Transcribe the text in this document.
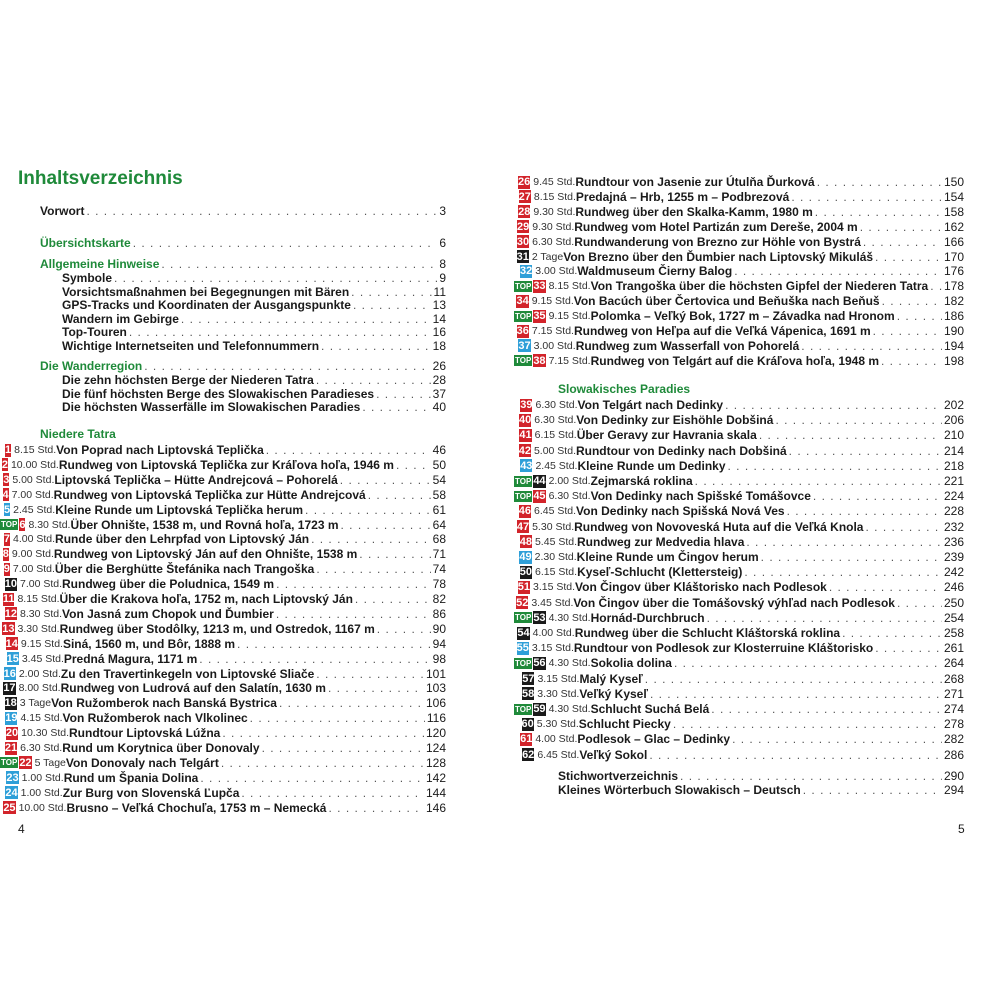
Inhaltsverzeichnis
Vorwort . . .	3
Übersichtskarte . . .	6
Allgemeine Hinweise . . .	8
Symbole . . .	9
Vorsichtsmaßnahmen bei Begegnungen mit Bären . . .	11
GPS-Tracks und Koordinaten der Ausgangspunkte . . .	13
Wandern im Gebirge . . .	14
Top-Touren . . .	16
Wichtige Internetseiten und Telefonnummern . . .	18
Die Wanderregion . . .	26
Die zehn höchsten Berge der Niederen Tatra . . .	28
Die fünf höchsten Berge des Slowakischen Paradieses . . .	37
Die höchsten Wasserfälle im Slowakischen Paradies . . .	40
Niedere Tatra
1 8.15 Std. Von Poprad nach Liptovská Teplička . . .	46
2 10.00 Std. Rundweg von Liptovská Teplička zur Kráľova hoľa, 1946 m . . .	50
3 5.00 Std. Liptovská Teplička – Hütte Andrejcová – Pohorelá . . .	54
4 7.00 Std. Rundweg von Liptovská Teplička zur Hütte Andrejcová . . .	58
5 2.45 Std. Kleine Runde um Liptovská Teplička herum . . .	61
TOP 6 8.30 Std. Über Ohnište, 1538 m, und Rovná hoľa, 1723 m . . .	64
7 4.00 Std. Runde über den Lehrpfad von Liptovský Ján . . .	68
8 9.00 Std. Rundweg von Liptovský Ján auf den Ohnište, 1538 m . . .	71
9 7.00 Std. Über die Berghütte Štefánika nach Trangoška . . .	74
10 7.00 Std. Rundweg über die Poludnica, 1549 m . . .	78
11 8.15 Std. Über die Krakova hoľa, 1752 m, nach Liptovský Ján . . .	82
12 8.30 Std. Von Jasná zum Chopok und Ďumbier . . .	86
13 3.30 Std. Rundweg über Stodôlky, 1213 m, und Ostredok, 1167 m . . .	90
14 9.15 Std. Siná, 1560 m, und Bôr, 1888 m . . .	94
15 3.45 Std. Predná Magura, 1171 m . . .	98
16 2.00 Std. Zu den Travertinkegeln von Liptovské Sliače . . .	101
17 8.00 Std. Rundweg von Ludrová auf den Salatín, 1630 m . . .	103
18 3 Tage Von Ružomberok nach Banská Bystrica . . .	106
19 4.15 Std. Von Ružomberok nach Vlkolinec . . .	116
20 10.30 Std. Rundtour Liptovská Lúžna . . .	120
21 6.30 Std. Rund um Korytnica über Donovaly . . .	124
TOP 22 5 Tage Von Donovaly nach Telgárt . . .	128
23 1.00 Std. Rund um Špania Dolina . . .	142
24 1.00 Std. Zur Burg von Slovenská Ľupča . . .	144
25 10.00 Std. Brusno – Veľká Chochuľa, 1753 m – Nemecká . . .	146
4
26 9.45 Std. Rundtour von Jasenie zur Útulňa Ďurková . . .	150
27 8.15 Std. Predajná – Hrb, 1255 m – Podbrezová . . .	154
28 9.30 Std. Rundweg über den Skalka-Kamm, 1980 m . . .	158
29 9.30 Std. Rundweg vom Hotel Partizán zum Dereše, 2004 m . . .	162
30 6.30 Std. Rundwanderung von Brezno zur Höhle von Bystrá . . .	166
31 2 Tage Von Brezno über den Ďumbier nach Liptovský Mikuláš . . .	170
32 3.00 Std. Waldmuseum Čierny Balog . . .	176
TOP 33 8.15 Std. Von Trangoška über die höchsten Gipfel der Niederen Tatra . . . 178
34 9.15 Std. Von Bacúch über Čertovica und Beňuška nach Beňuš . . .	182
TOP 35 9.15 Std. Polomka – Veľký Bok, 1727 m – Závadka nad Hronom . . .	186
36 7.15 Std. Rundweg von Heľpa auf die Veľká Vápenica, 1691 m . . .	190
37 3.00 Std. Rundweg zum Wasserfall von Pohorelá . . .	194
TOP 38 7.15 Std. Rundweg von Telgárt auf die Kráľova hoľa, 1948 m . . .	198
Slowakisches Paradies
39 6.30 Std. Von Telgárt nach Dedinky . . .	202
40 6.30 Std. Von Dedinky zur Eishöhle Dobšiná . . .	206
41 6.15 Std. Über Geravy zur Havrania skala . . .	210
42 5.00 Std. Rundtour von Dedinky nach Dobšiná . . .	214
43 2.45 Std. Kleine Runde um Dedinky . . .	218
TOP 44 2.00 Std. Zejmarská roklina . . .	221
TOP 45 6.30 Std. Von Dedinky nach Spišské Tomášovce . . .	224
46 6.45 Std. Von Dedinky nach Spišská Nová Ves . . .	228
47 5.30 Std. Rundweg von Novoveská Huta auf die Veľká Knola . . .	232
48 5.45 Std. Rundweg zur Medvedia hlava . . .	236
49 2.30 Std. Kleine Runde um Čingov herum . . .	239
50 6.15 Std. Kyseľ-Schlucht (Klettersteig) . . .	242
51 3.15 Std. Von Čingov über Kláštorisko nach Podlesok . . .	246
52 3.45 Std. Von Čingov über die Tomášovský výhľad nach Podlesok . . .	250
TOP 53 4.30 Std. Hornád-Durchbruch . . .	254
54 4.00 Std. Rundweg über die Schlucht Kláštorská roklina . . .	258
55 3.15 Std. Rundtour von Podlesok zur Klosterruine Kláštorisko . . .	261
TOP 56 4.30 Std. Sokolia dolina . . .	264
57 3.15 Std. Malý Kyseľ . . .	268
58 3.30 Std. Veľký Kyseľ . . .	271
TOP 59 4.30 Std. Schlucht Suchá Belá . . .	274
60 5.30 Std. Schlucht Piecky . . .	278
61 4.00 Std. Podlesok – Glac – Dedinky . . .	282
62 6.45 Std. Veľký Sokol . . .	286
Stichwortverzeichnis . . .	290
Kleines Wörterbuch Slowakisch – Deutsch . . .	294
5
